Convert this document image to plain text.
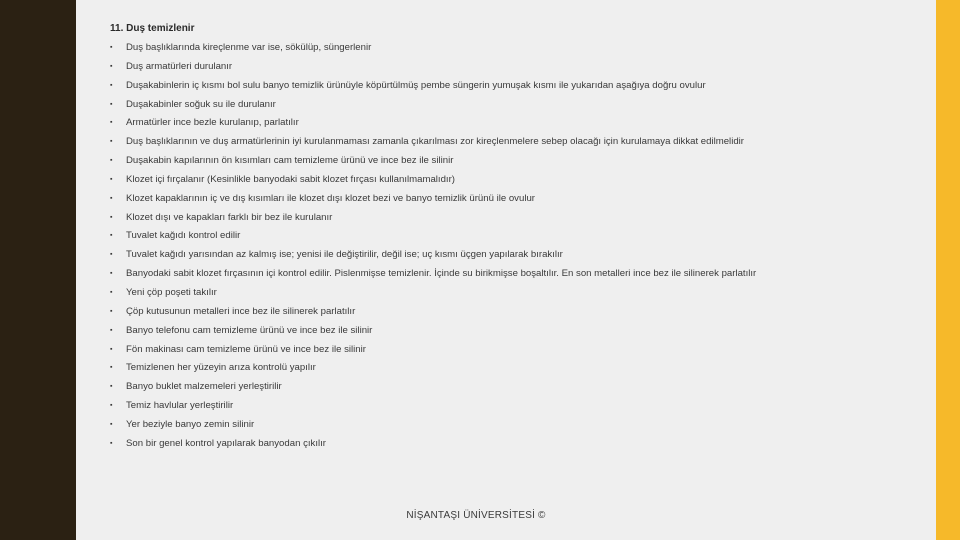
11. Duş temizlenir
▪ Duş başlıklarında kireçlenme var ise, sökülüp, süngerlenir
▪ Duş armatürleri durulanır
▪ Duşakabinlerin iç kısmı bol sulu banyo temizlik ürünüyle köpürtülmüş pembe süngerin yumuşak kısmı ile yukarıdan aşağıya doğru ovulur
▪ Duşakabinler soğuk su ile durulanır
▪ Armatürler ince bezle kurulanıp, parlatılır
▪ Duş başlıklarının ve duş armatürlerinin iyi kurulanmaması zamanla çıkarılması zor kireçlenmelere sebep olacağı için kurulamaya dikkat edilmelidir
▪ Duşakabin kapılarının ön kısımları cam temizleme ürünü ve ince bez ile silinir
▪ Klozet içi fırçalanır (Kesinlikle banyodaki sabit klozet fırçası kullanılmamalıdır)
▪ Klozet kapaklarının iç ve dış kısımları ile klozet dışı klozet bezi ve banyo temizlik ürünü ile ovulur
▪ Klozet dışı ve kapakları farklı bir bez ile kurulanır
▪ Tuvalet kağıdı kontrol edilir
▪ Tuvalet kağıdı yarısından az kalmış ise; yenisi ile değiştirilir, değil ise; uç kısmı üçgen yapılarak bırakılır
▪ Banyodaki sabit klozet fırçasının içi kontrol edilir. Pislenmişse temizlenir. İçinde su birikmişse boşaltılır. En son metalleri ince bez ile silinerek parlatılır
▪ Yeni çöp poşeti takılır
▪ Çöp kutusunun metalleri ince bez ile silinerek parlatılır
▪ Banyo telefonu cam temizleme ürünü ve ince bez ile silinir
▪ Fön makinası cam temizleme ürünü ve ince bez ile silinir
▪ Temizlenen her yüzeyin arıza kontrolü yapılır
▪ Banyo buklet malzemeleri yerleştirilir
▪ Temiz havlular yerleştirilir
▪ Yer beziyle banyo zemin silinir
▪ Son bir genel kontrol yapılarak banyodan çıkılır
NİŞANTAŞI ÜNİVERSİTESİ ©
